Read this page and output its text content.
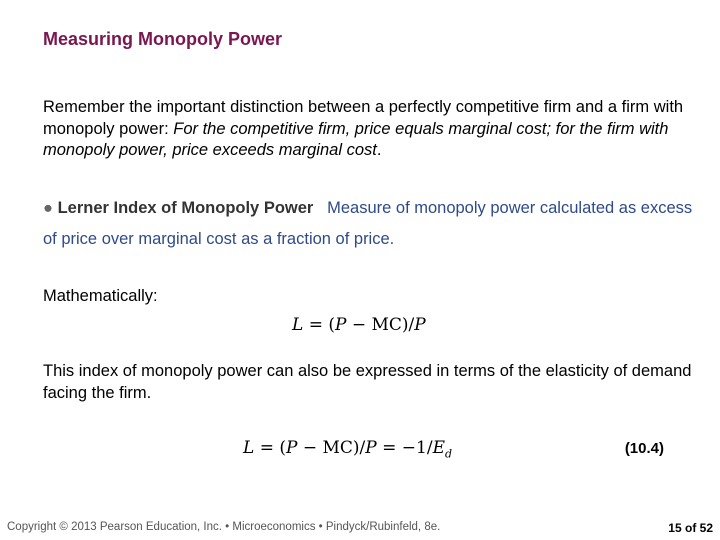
Measuring Monopoly Power
Remember the important distinction between a perfectly competitive firm and a firm with monopoly power: For the competitive firm, price equals marginal cost; for the firm with monopoly power, price exceeds marginal cost.
● Lerner Index of Monopoly Power Measure of monopoly power calculated as excess of price over marginal cost as a fraction of price.
Mathematically:
L = (P − MC)/P
This index of monopoly power can also be expressed in terms of the elasticity of demand facing the firm.
$L = (P - MC)/P = -1/E_d$	(10.4)
Copyright © 2013 Pearson Education, Inc. • Microeconomics • Pindyck/Rubinfeld, 8e.	15 of 52
